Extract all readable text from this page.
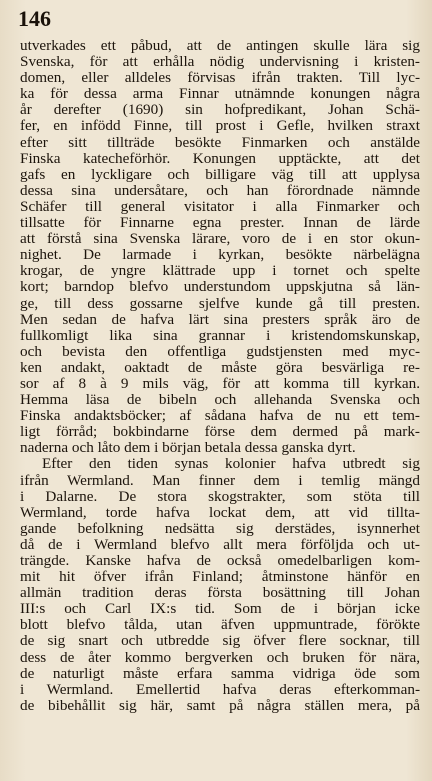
146
utverkades ett påbud, att de antingen skulle lära sig
Svenska, för att erhålla nödig undervisning i kristen-
domen, eller alldeles förvisas ifrån trakten. Till lyc-
ka för dessa arma Finnar utnämnde konungen några
år derefter (1690) sin hofpredikant, Johan Schä-
fer, en infödd Finne, till prost i Gefle, hvilken straxt
efter sitt tillträde besökte Finmarken och anstälde
Finska katecheförhör. Konungen upptäckte, att det
gafs en lyckligare och billigare väg till att upplysa
dessa sina undersåtare, och han förordnade nämnde
Schäfer till general visitator i alla Finmarker och
tillsatte för Finnarne egna prester. Innan de lärde
att förstå sina Svenska lärare, voro de i en stor okun-
nighet. De larmade i kyrkan, besökte närbelägna
krogar, de yngre klättrade upp i tornet och spelte
kort; barndop blefvo understundom uppskjutna så län-
ge, till dess gossarne sjelfve kunde gå till presten.
Men sedan de hafva lärt sina presters språk äro de
fullkomligt lika sina grannar i kristendomskunskap,
och bevista den offentliga gudstjensten med myc-
ken andakt, oaktadt de måste göra besvärliga re-
sor af 8 à 9 mils väg, för att komma till kyrkan.
Hemma läsa de bibeln och allehanda Svenska och
Finska andaktsböcker; af sådana hafva de nu ett tem-
ligt förråd; bokbindarne förse dem dermed på mark-
naderna och låto dem i början betala dessa ganska dyrt.
Efter den tiden synas kolonier hafva utbredt sig
ifrån Wermland. Man finner dem i temlig mängd
i Dalarne. De stora skogstrakter, som stöta till
Wermland, torde hafva lockat dem, att vid tillta-
gande befolkning nedsätta sig derstädes, isynnerhet
då de i Wermland blefvo allt mera förföljda och ut-
trängde. Kanske hafva de också omedelbarligen kom-
mit hit öfver ifrån Finland; åtminstone hänför en
allmän tradition deras första bosättning till Johan
III:s och Carl IX:s tid. Som de i början icke
blott blefvo tålda, utan äfven uppmuntrade, förökte
de sig snart och utbredde sig öfver flere socknar, till
dess de åter kommo bergverken och bruken för nära,
de naturligt måste erfara samma vidriga öde som
i Wermland. Emellertid hafva deras efterkomman-
de bibehållit sig här, samt på några ställen mera, på
